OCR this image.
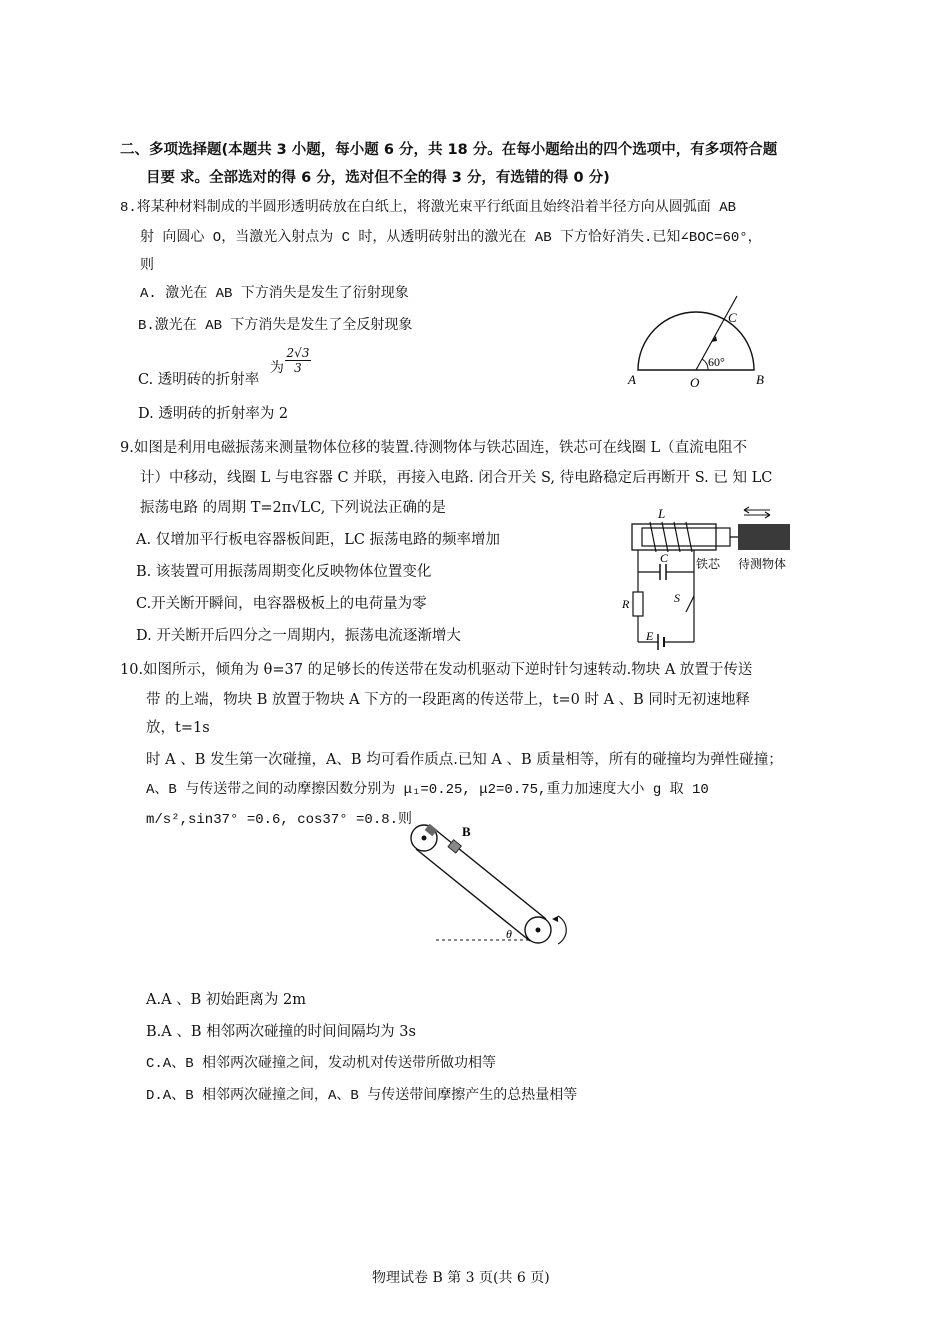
二、多项选择题(本题共 3 小题，每小题 6 分，共 18 分。在每小题给出的四个选项中，有多项符合题
目要 求。全部选对的得 6 分，选对但不全的得 3 分，有选错的得 0 分)
8.将某种材料制成的半圆形透明砖放在白纸上，将激光束平行纸面且始终沿着半径方向从圆弧面 AB
射 向圆心 O，当激光入射点为 C 时，从透明砖射出的激光在 AB 下方恰好消失.已知∠BOC=60°，
则
A. 激光在 AB 下方消失是发生了衍射现象
B.激光在 AB 下方消失是发生了全反射现象
C. 透明砖的折射率
为 $\frac{2√3}{3}$
D. 透明砖的折射率为 2
A	B
O
C
60°
9.如图是利用电磁振荡来测量物体位移的装置.待测物体与铁芯固连，铁芯可在线圈 L（直流电阻不
计）中移动，线圈 L 与电容器 C 并联，再接入电路. 闭合开关 S, 待电路稳定后再断开 S. 已 知 LC
振荡电路 的周期 T=2π√LC, 下列说法正确的是
A. 仅增加平行板电容器板间距，LC 振荡电路的频率增加
B. 该装置可用振荡周期变化反映物体位置变化
C.开关断开瞬间，电容器极板上的电荷量为零
D. 开关断开后四分之一周期内，振荡电流逐渐增大
L
C
R	S
E
铁芯 待测物体
10.如图所示，倾角为 θ=37 的足够长的传送带在发动机驱动下逆时针匀速转动.物块 A 放置于传送
带 的上端，物块 B 放置于物块 A 下方的一段距离的传送带上，t=0 时 A 、B 同时无初速地释
放，t=1s
时 A 、B 发生第一次碰撞，A、B 均可看作质点.已知 A 、B 质量相等，所有的碰撞均为弹性碰撞；
A、B 与传送带之间的动摩擦因数分别为 μ₁=0.25, μ2=0.75,重力加速度大小 g 取 10
m/s²,sin37° =0.6, cos37° =0.8.则
B
θ
A.A 、B 初始距离为 2m
B.A 、B 相邻两次碰撞的时间间隔均为 3s
C.A、B 相邻两次碰撞之间，发动机对传送带所做功相等
D.A、B 相邻两次碰撞之间，A、B 与传送带间摩擦产生的总热量相等
物理试卷 B 第 3 页(共 6 页)
